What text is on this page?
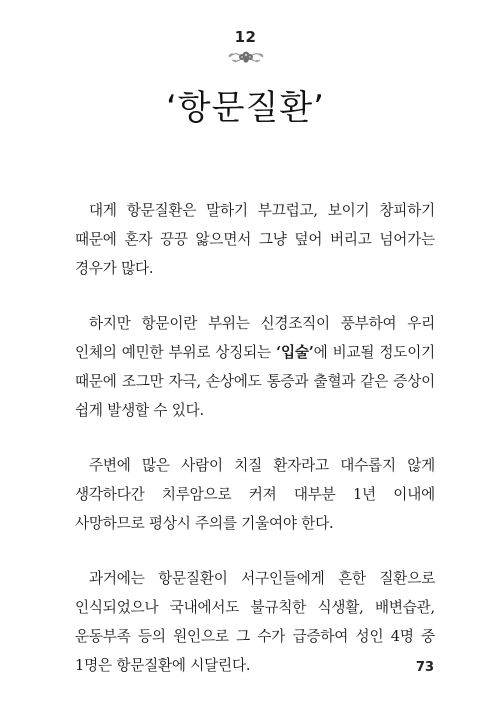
12
‘항문질환’

대게 항문질환은 말하기 부끄럽고, 보이기 창피하기 때문에 혼자 끙끙 앓으면서 그냥 덮어 버리고 넘어가는 경우가 많다.

하지만 항문이란 부위는 신경조직이 풍부하여 우리 인체의 예민한 부위로 상징되는 ‘입술’에 비교될 정도이기 때문에 조그만 자극, 손상에도 통증과 출혈과 같은 증상이 쉽게 발생할 수 있다.

주변에 많은 사람이 치질 환자라고 대수롭지 않게 생각하다간 치루암으로 커져 대부분 1년 이내에 사망하므로 평상시 주의를 기울여야 한다.

과거에는 항문질환이 서구인들에게 흔한 질환으로 인식되었으나 국내에서도 불규칙한 식생활, 배변습관, 운동부족 등의 원인으로 그 수가 급증하여 성인 4명 중 1명은 항문질환에 시달린다.	73
